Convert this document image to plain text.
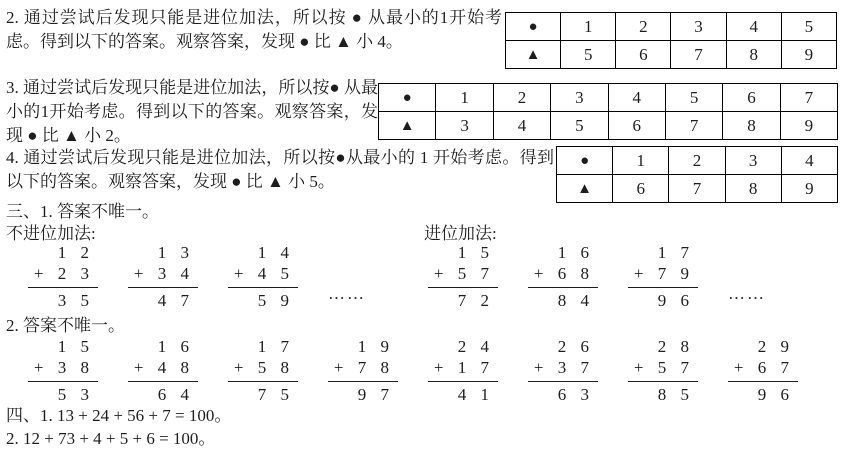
2. 通过尝试后发现只能是进位加法，所以按 ● 从最小的1开始考虑。得到以下的答案。观察答案，发现 ● 比 ▲ 小 4。
●	1	2	3	4	5
▲	5	6	7	8	9
3. 通过尝试后发现只能是进位加法，所以按● 从最小的1开始考虑。得到以下的答案。观察答案，发现 ● 比 ▲ 小 2。
●	1	2	3	4	5	6	7
▲	3	4	5	6	7	8	9
4. 通过尝试后发现只能是进位加法，所以按●从最小的 1 开始考虑。得到以下的答案。观察答案，发现 ● 比 ▲ 小 5。
●	1	2	3	4
▲	6	7	8	9
三、1. 答案不唯一。
不进位加法:	进位加法:
1 2
+ 2 3
3 5
1 3
+ 3 4
4 7
1 4
+ 4 5
5 9 ……
1 5
+ 5 7
7 2
1 6
+ 6 8
8 4
1 7
+ 7 9
9 6 ……
2. 答案不唯一。
1 5
+ 3 8
5 3
1 6
+ 4 8
6 4
1 7
+ 5 8
7 5
1 9
+ 7 8
9 7
2 4
+ 1 7
4 1
2 6
+ 3 7
6 3
2 8
+ 5 7
8 5
2 9
+ 6 7
9 6
四、1. 13 + 24 + 56 + 7 = 100。
2. 12 + 73 + 4 + 5 + 6 = 100。
